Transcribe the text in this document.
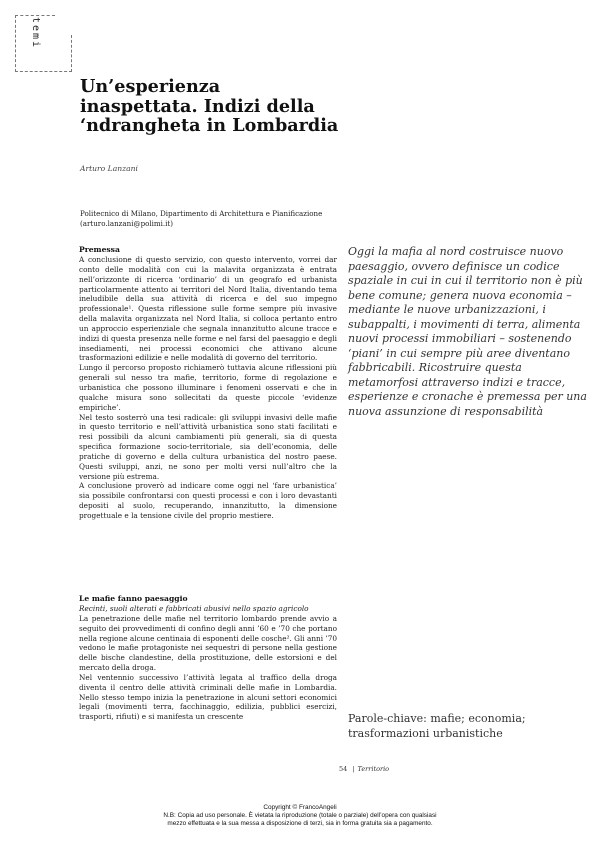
temi
Un’esperienza inaspettata. Indizi della ‘ndrangheta in Lombardia
Arturo Lanzani
Politecnico di Milano, Dipartimento di Architettura e Pianificazione
(arturo.lanzani@polimi.it)
Premessa

A conclusione di questo servizio, con questo intervento, vorrei dar conto delle modalità con cui la malavita organizzata è entrata nell’orizzonte di ricerca ‘ordinario’ di un geografo ed urbanista particolarmente attento ai territori del Nord Italia, diventando tema ineludibile della sua attività di ricerca e del suo impegno professionale¹. Questa riflessione sulle forme sempre più invasive della malavita organizzata nel Nord Italia, si colloca pertanto entro un approccio esperienziale che segnala innanzitutto alcune tracce e indizi di questa presenza nelle forme e nel farsi del paesaggio e degli insediamenti, nei processi economici che attivano alcune trasformazioni edilizie e nelle modalità di governo del territorio.

Lungo il percorso proposto richiamerò tuttavia alcune riflessioni più generali sul nesso tra mafie, territorio, forme di regolazione e urbanistica che possono illuminare i fenomeni osservati e che in qualche misura sono sollecitati da queste piccole ‘evidenze empiriche’.

Nel testo sosterrò una tesi radicale: gli sviluppi invasivi delle mafie in questo territorio e nell’attività urbanistica sono stati facilitati e resi possibili da alcuni cambiamenti più generali, sia di questa specifica formazione socio-territoriale, sia dell’economia, delle pratiche di governo e della cultura urbanistica del nostro paese. Questi sviluppi, anzi, ne sono per molti versi null’altro che la versione più estrema.

A conclusione proverò ad indicare come oggi nel ‘fare urbanistica’ sia possibile confrontarsi con questi processi e con i loro devastanti depositi al suolo, recuperando, innanzitutto, la dimensione progettuale e la tensione civile del proprio mestiere.

Le mafie fanno paesaggio

Recinti, suoli alterati e fabbricati abusivi nello spazio agricolo

La penetrazione delle mafie nel territorio lombardo prende avvio a seguito dei provvedimenti di confino degli anni ’60 e ’70 che portano nella regione alcune centinaia di esponenti delle cosche². Gli anni ’70 vedono le mafie protagoniste nei sequestri di persone nella gestione delle bische clandestine, della prostituzione, delle estorsioni e del mercato della droga.

Nel ventennio successivo l’attività legata al traffico della droga diventa il centro delle attività criminali delle mafie in Lombardia. Nello stesso tempo inizia la penetrazione in alcuni settori economici legali (movimenti terra, facchinaggio, edilizia, pubblici esercizi, trasporti, rifiuti) e si manifesta un crescente

Oggi la mafia al nord costruisce nuovo paesaggio, ovvero definisce un codice spaziale in cui in cui il territorio non è più bene comune; genera nuova economia – mediante le nuove urbanizzazioni, i subappalti, i movimenti di terra, alimenta nuovi processi immobiliari – sostenendo ‘piani’ in cui sempre più aree diventano fabbricabili. Ricostruire questa metamorfosi attraverso indizi e tracce, esperienze e cronache è premessa per una nuova assunzione di responsabilità
Parole-chiave: mafie; economia; trasformazioni urbanistiche
54 | Territorio
Copyright © FrancoAngeli
N.B: Copia ad uso personale. È vietata la riproduzione (totale o parziale) dell’opera con qualsiasi
mezzo effettuata e la sua messa a disposizione di terzi, sia in forma gratuita sia a pagamento.
